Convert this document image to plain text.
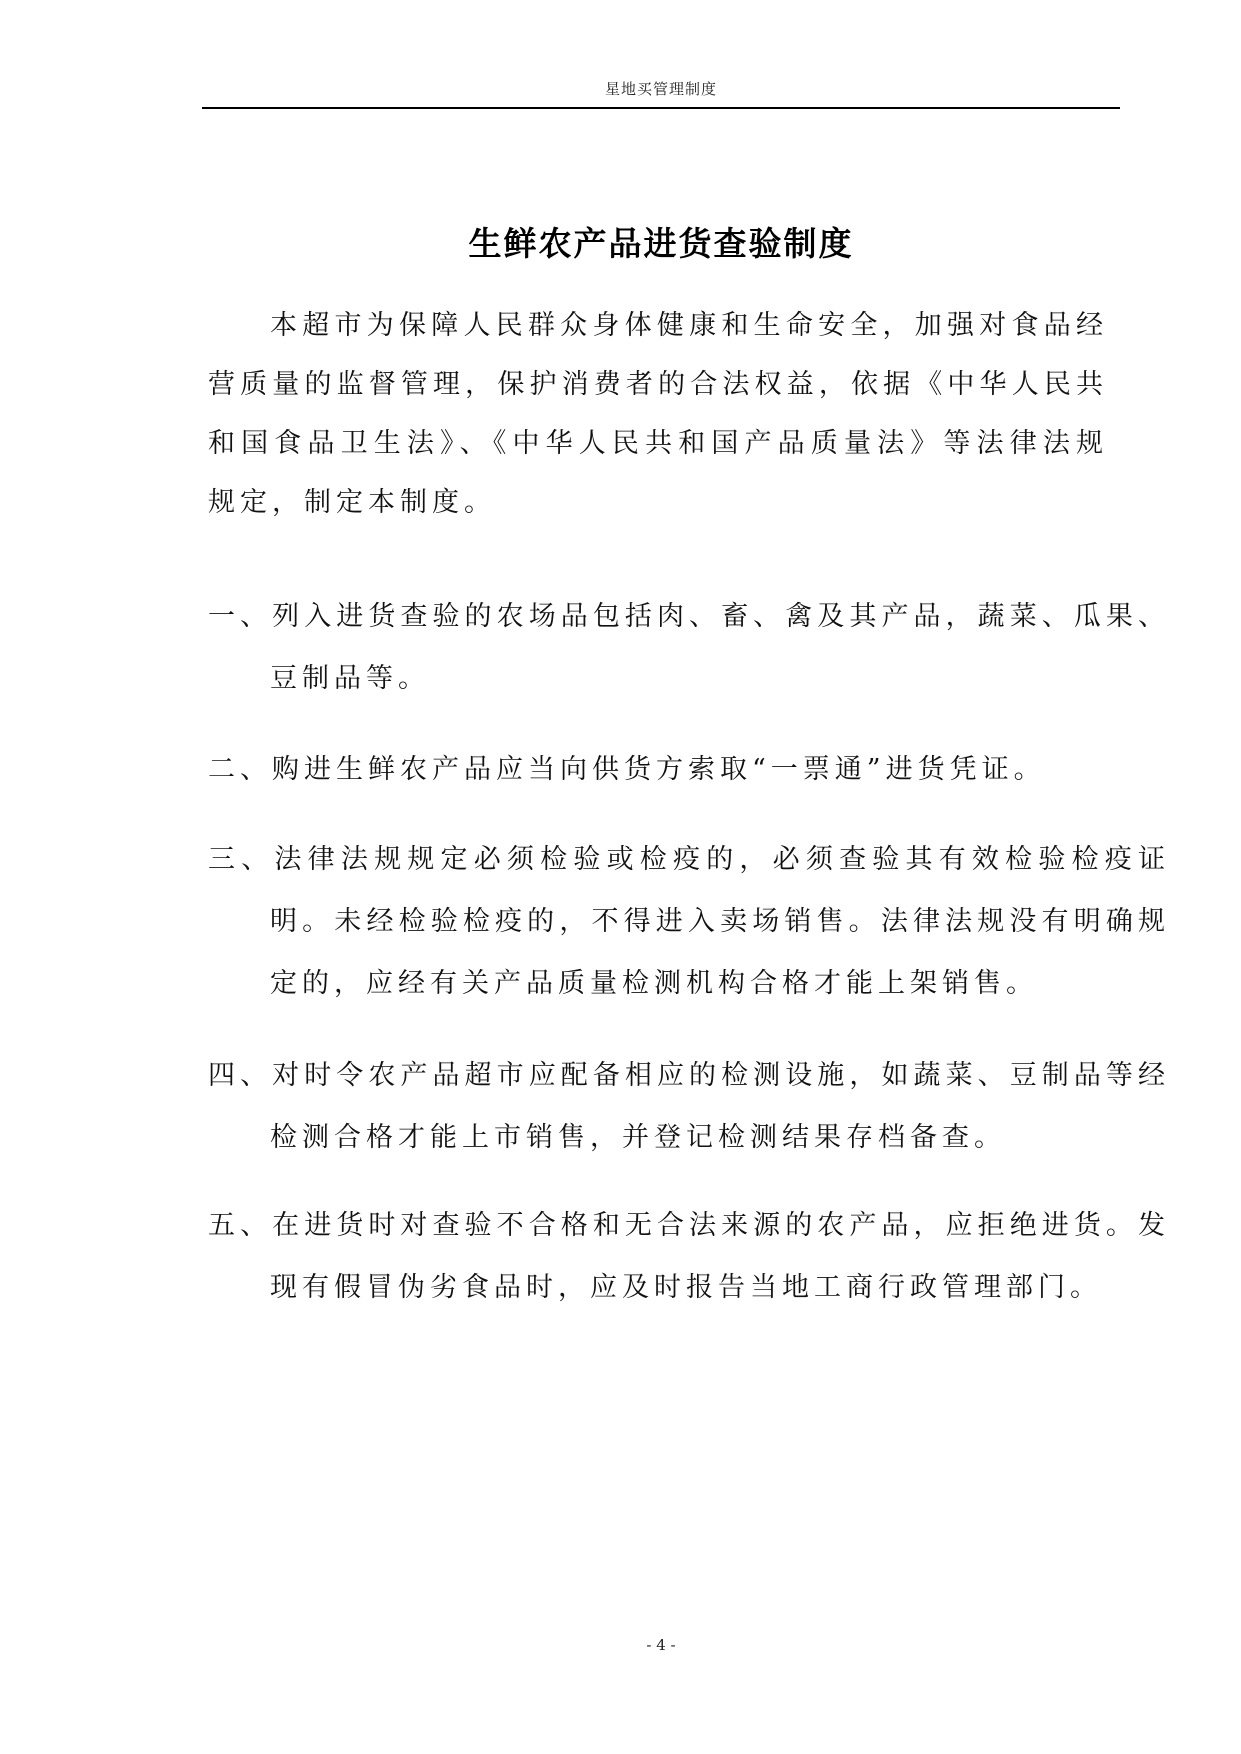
星地买管理制度
生鲜农产品进货查验制度

本超市为保障人民群众身体健康和生命安全，加强对食品经营质量的监督管理，保护消费者的合法权益，依据《中华人民共和国食品卫生法》、《中华人民共和国产品质量法》等法律法规规定，制定本制度。

一、列入进货查验的农场品包括肉、畜、禽及其产品，蔬菜、瓜果、豆制品等。

二、购进生鲜农产品应当向供货方索取“一票通”进货凭证。

三、法律法规规定必须检验或检疫的，必须查验其有效检验检疫证明。未经检验检疫的，不得进入卖场销售。法律法规没有明确规定的，应经有关产品质量检测机构合格才能上架销售。

四、对时令农产品超市应配备相应的检测设施，如蔬菜、豆制品等经检测合格才能上市销售，并登记检测结果存档备查。

五、在进货时对查验不合格和无合法来源的农产品，应拒绝进货。发现有假冒伪劣食品时，应及时报告当地工商行政管理部门。

- 4 -
